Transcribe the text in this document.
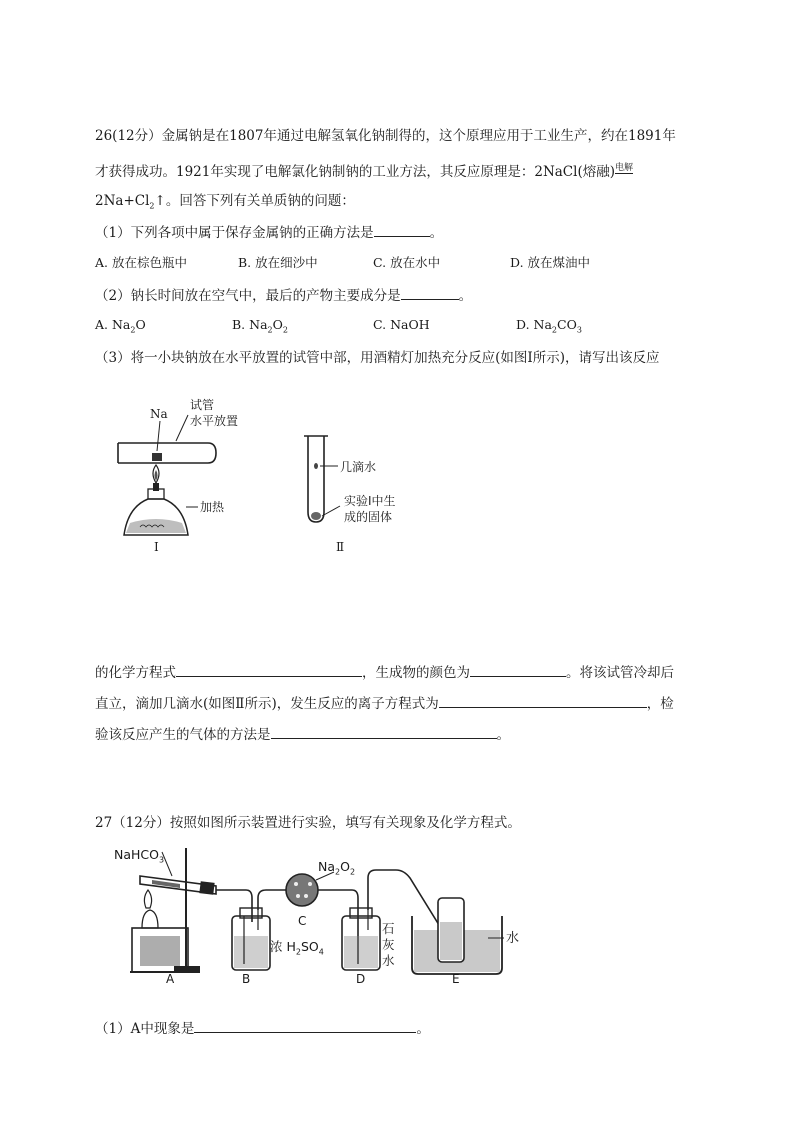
26(12分）金属钠是在1807年通过电解氢氧化钠制得的，这个原理应用于工业生产，约在1891年
才获得成功。1921年实现了电解氯化钠制钠的工业方法，其反应原理是：2NaCl(熔融)$^{电解}$
$2Na+Cl_2↑$。回答下列有关单质钠的问题：
（1）下列各项中属于保存金属钠的正确方法是	。
A. 放在棕色瓶中	B. 放在细沙中	C. 放在水中	D. 放在煤油中
（2）钠长时间放在空气中，最后的产物主要成分是	。
A. $Na_2O$	B. $Na_2O_2$	C. NaOH	D. $Na_2CO_3$
（3）将一小块钠放在水平放置的试管中部，用酒精灯加热充分反应(如图Ⅰ所示)，请写出该反应
Na
试管
水平放置
加热
Ⅰ
几滴水
实验Ⅰ中生
成的固体
Ⅱ
的化学方程式	，生成物的颜色为	。将该试管冷却后
直立，滴加几滴水(如图Ⅱ所示)，发生反应的离子方程式为	，检
验该反应产生的气体的方法是	。
27（12分）按照如图所示装置进行实验，填写有关现象及化学方程式。
NaHCO$_3$	$Na_2O_2$
浓 $H_2SO_4$
石
灰
水
水
A	B
C
D	E
（1）A中现象是	。
